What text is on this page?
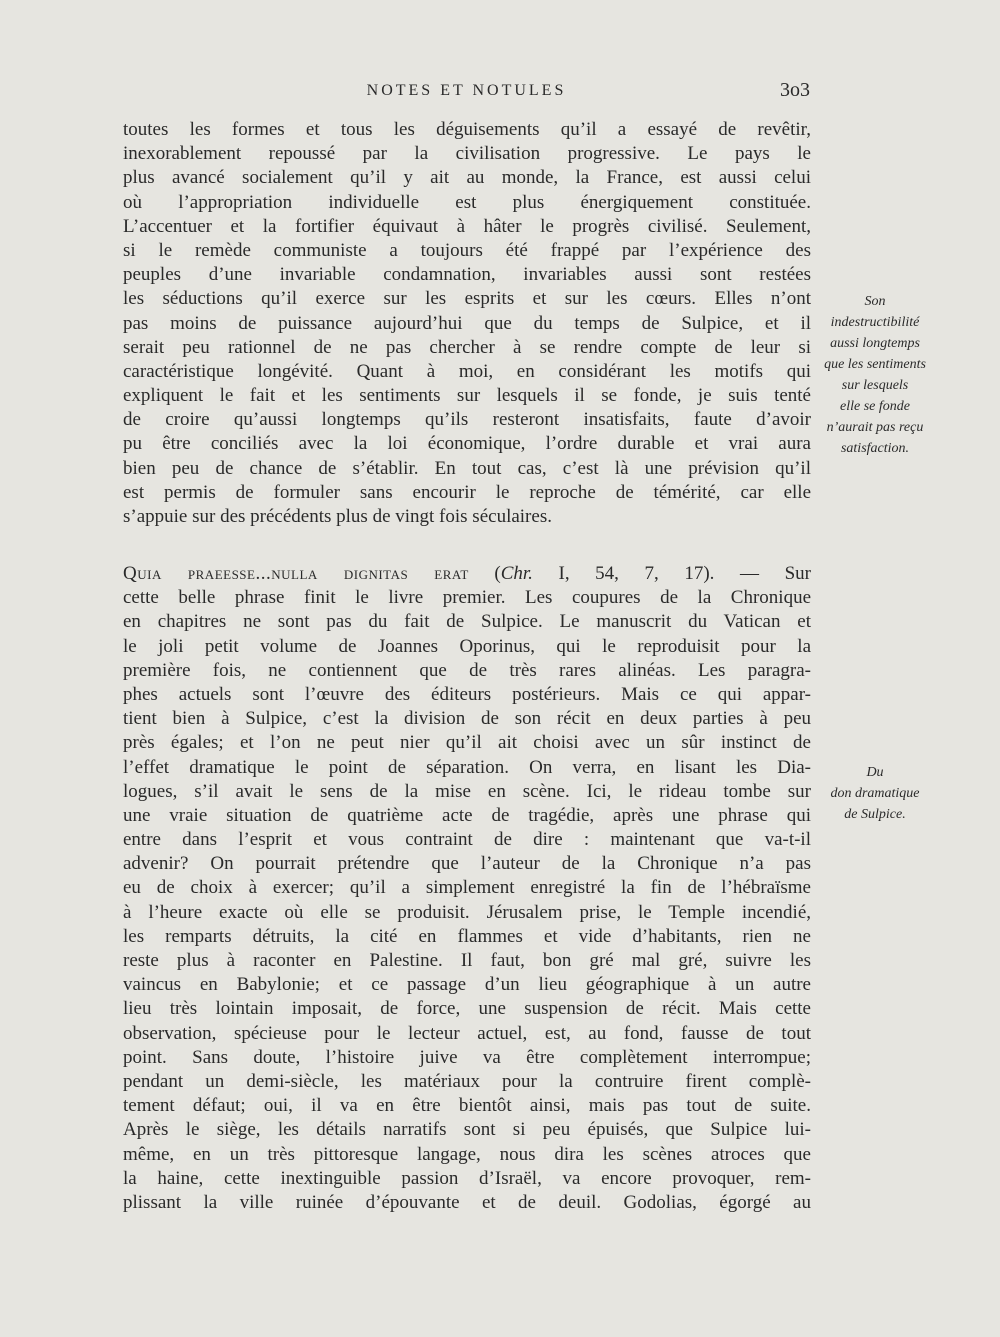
NOTES ET NOTULES	3o3
toutes les formes et tous les déguisements qu’il a essayé de revêtir,
inexorablement repoussé par la civilisation progressive. Le pays le
plus avancé socialement qu’il y ait au monde, la France, est aussi celui
où l’appropriation individuelle est plus énergiquement constituée.
L’accentuer et la fortifier équivaut à hâter le progrès civilisé. Seulement,
si le remède communiste a toujours été frappé par l’expérience des
peuples d’une invariable condamnation, invariables aussi sont restées
les séductions qu’il exerce sur les esprits et sur les cœurs. Elles n’ont
pas moins de puissance aujourd’hui que du temps de Sulpice, et il
serait peu rationnel de ne pas chercher à se rendre compte de leur si
caractéristique longévité. Quant à moi, en considérant les motifs qui
expliquent le fait et les sentiments sur lesquels il se fonde, je suis tenté
de croire qu’aussi longtemps qu’ils resteront insatisfaits, faute d’avoir
pu être conciliés avec la loi économique, l’ordre durable et vrai aura
bien peu de chance de s’établir. En tout cas, c’est là une prévision qu’il
est permis de formuler sans encourir le reproche de témérité, car elle
s’appuie sur des précédents plus de vingt fois séculaires.
Quia praeesse...nulla dignitas erat (Chr. I, 54, 7, 17). — Sur
cette belle phrase finit le livre premier. Les coupures de la Chronique
en chapitres ne sont pas du fait de Sulpice. Le manuscrit du Vatican et
le joli petit volume de Joannes Oporinus, qui le reproduisit pour la
première fois, ne contiennent que de très rares alinéas. Les paragra-
phes actuels sont l’œuvre des éditeurs postérieurs. Mais ce qui appar-
tient bien à Sulpice, c’est la division de son récit en deux parties à peu
près égales; et l’on ne peut nier qu’il ait choisi avec un sûr instinct de
l’effet dramatique le point de séparation. On verra, en lisant les Dia-
logues, s’il avait le sens de la mise en scène. Ici, le rideau tombe sur
une vraie situation de quatrième acte de tragédie, après une phrase qui
entre dans l’esprit et vous contraint de dire : maintenant que va-t-il
advenir? On pourrait prétendre que l’auteur de la Chronique n’a pas
eu de choix à exercer; qu’il a simplement enregistré la fin de l’hébraïsme
à l’heure exacte où elle se produisit. Jérusalem prise, le Temple incendié,
les remparts détruits, la cité en flammes et vide d’habitants, rien ne
reste plus à raconter en Palestine. Il faut, bon gré mal gré, suivre les
vaincus en Babylonie; et ce passage d’un lieu géographique à un autre
lieu très lointain imposait, de force, une suspension de récit. Mais cette
observation, spécieuse pour le lecteur actuel, est, au fond, fausse de tout
point. Sans doute, l’histoire juive va être complètement interrompue;
pendant un demi-siècle, les matériaux pour la contruire firent complè-
tement défaut; oui, il va en être bientôt ainsi, mais pas tout de suite.
Après le siège, les détails narratifs sont si peu épuisés, que Sulpice lui-
même, en un très pittoresque langage, nous dira les scènes atroces que
la haine, cette inextinguible passion d’Israël, va encore provoquer, rem-
plissant la ville ruinée d’épouvante et de deuil. Godolias, égorgé au
Son
indestructibilité
aussi longtemps
que les sentiments
sur lesquels
elle se fonde
n’aurait pas reçu
satisfaction.
Du
don dramatique
de Sulpice.
